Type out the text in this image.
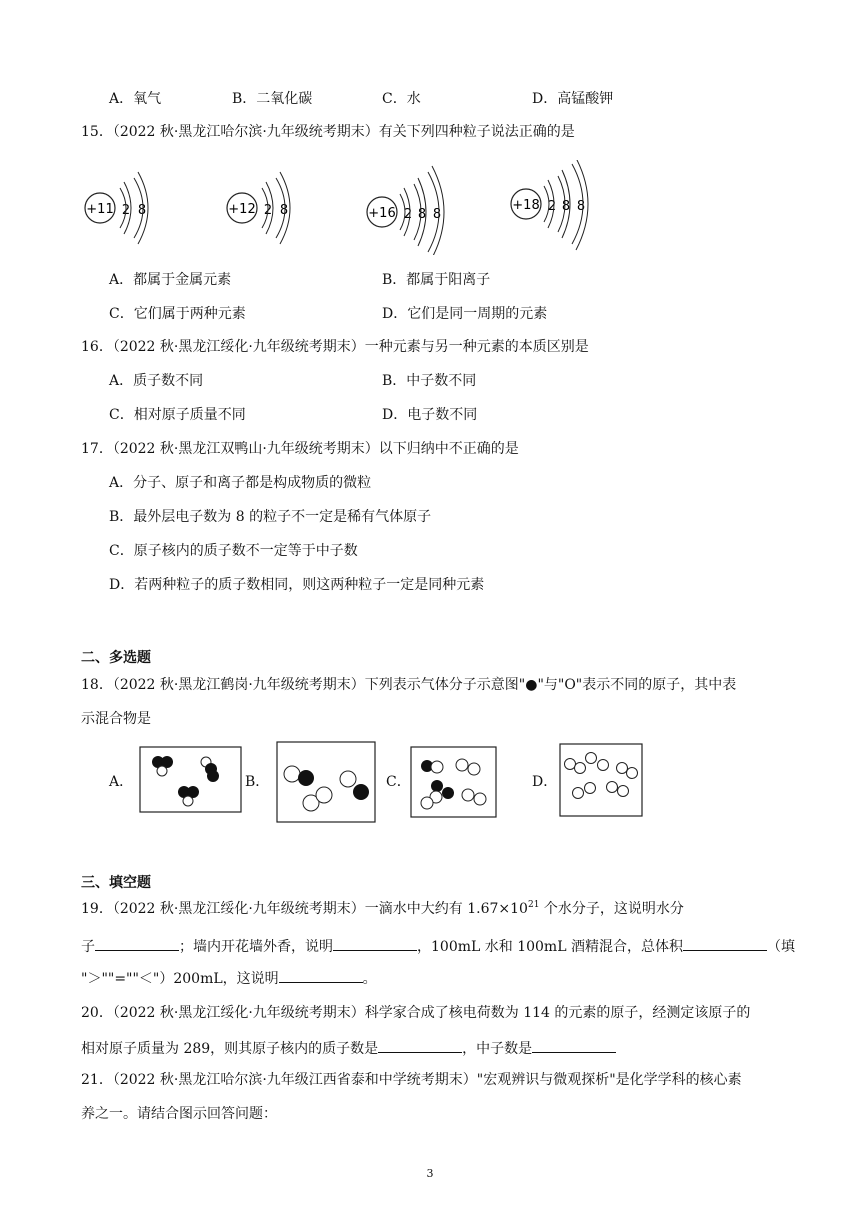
A．氧气	B．二氧化碳	C．水	D．高锰酸钾
15．（2022 秋·黑龙江哈尔滨·九年级统考期末）有关下列四种粒子说法正确的是
+11 2 8	+12 2 8	+16 2 8 8
+18 2 8 8
A．都属于金属元素	B．都属于阳离子
C．它们属于两种元素	D．它们是同一周期的元素
16．（2022 秋·黑龙江绥化·九年级统考期末）一种元素与另一种元素的本质区别是
A．质子数不同	B．中子数不同
C．相对原子质量不同	D．电子数不同
17．（2022 秋·黑龙江双鸭山·九年级统考期末）以下归纳中不正确的是
A．分子、原子和离子都是构成物质的微粒
B．最外层电子数为 8 的粒子不一定是稀有气体原子
C．原子核内的质子数不一定等于中子数
D．若两种粒子的质子数相同，则这两种粒子一定是同种元素
二、多选题
18．（2022 秋·黑龙江鹤岗·九年级统考期末）下列表示气体分子示意图"●"与"O"表示不同的原子，其中表
示混合物是
A．	B．	C．	D．
三、填空题
19．（2022 秋·黑龙江绥化·九年级统考期末）一滴水中大约有 $1.67\times 10^{21}$ 个水分子，这说明水分
子	；墙内开花墙外香，说明	，100mL 水和 100mL 酒精混合，总体积	（填
"＞""=""＜"）200mL，这说明	。
20．（2022 秋·黑龙江绥化·九年级统考期末）科学家合成了核电荷数为 114 的元素的原子，经测定该原子的
相对原子质量为 289，则其原子核内的质子数是	，中子数是
21．（2022 秋·黑龙江哈尔滨·九年级江西省泰和中学统考期末）"宏观辨识与微观探析"是化学学科的核心素
养之一。请结合图示回答问题：
3
